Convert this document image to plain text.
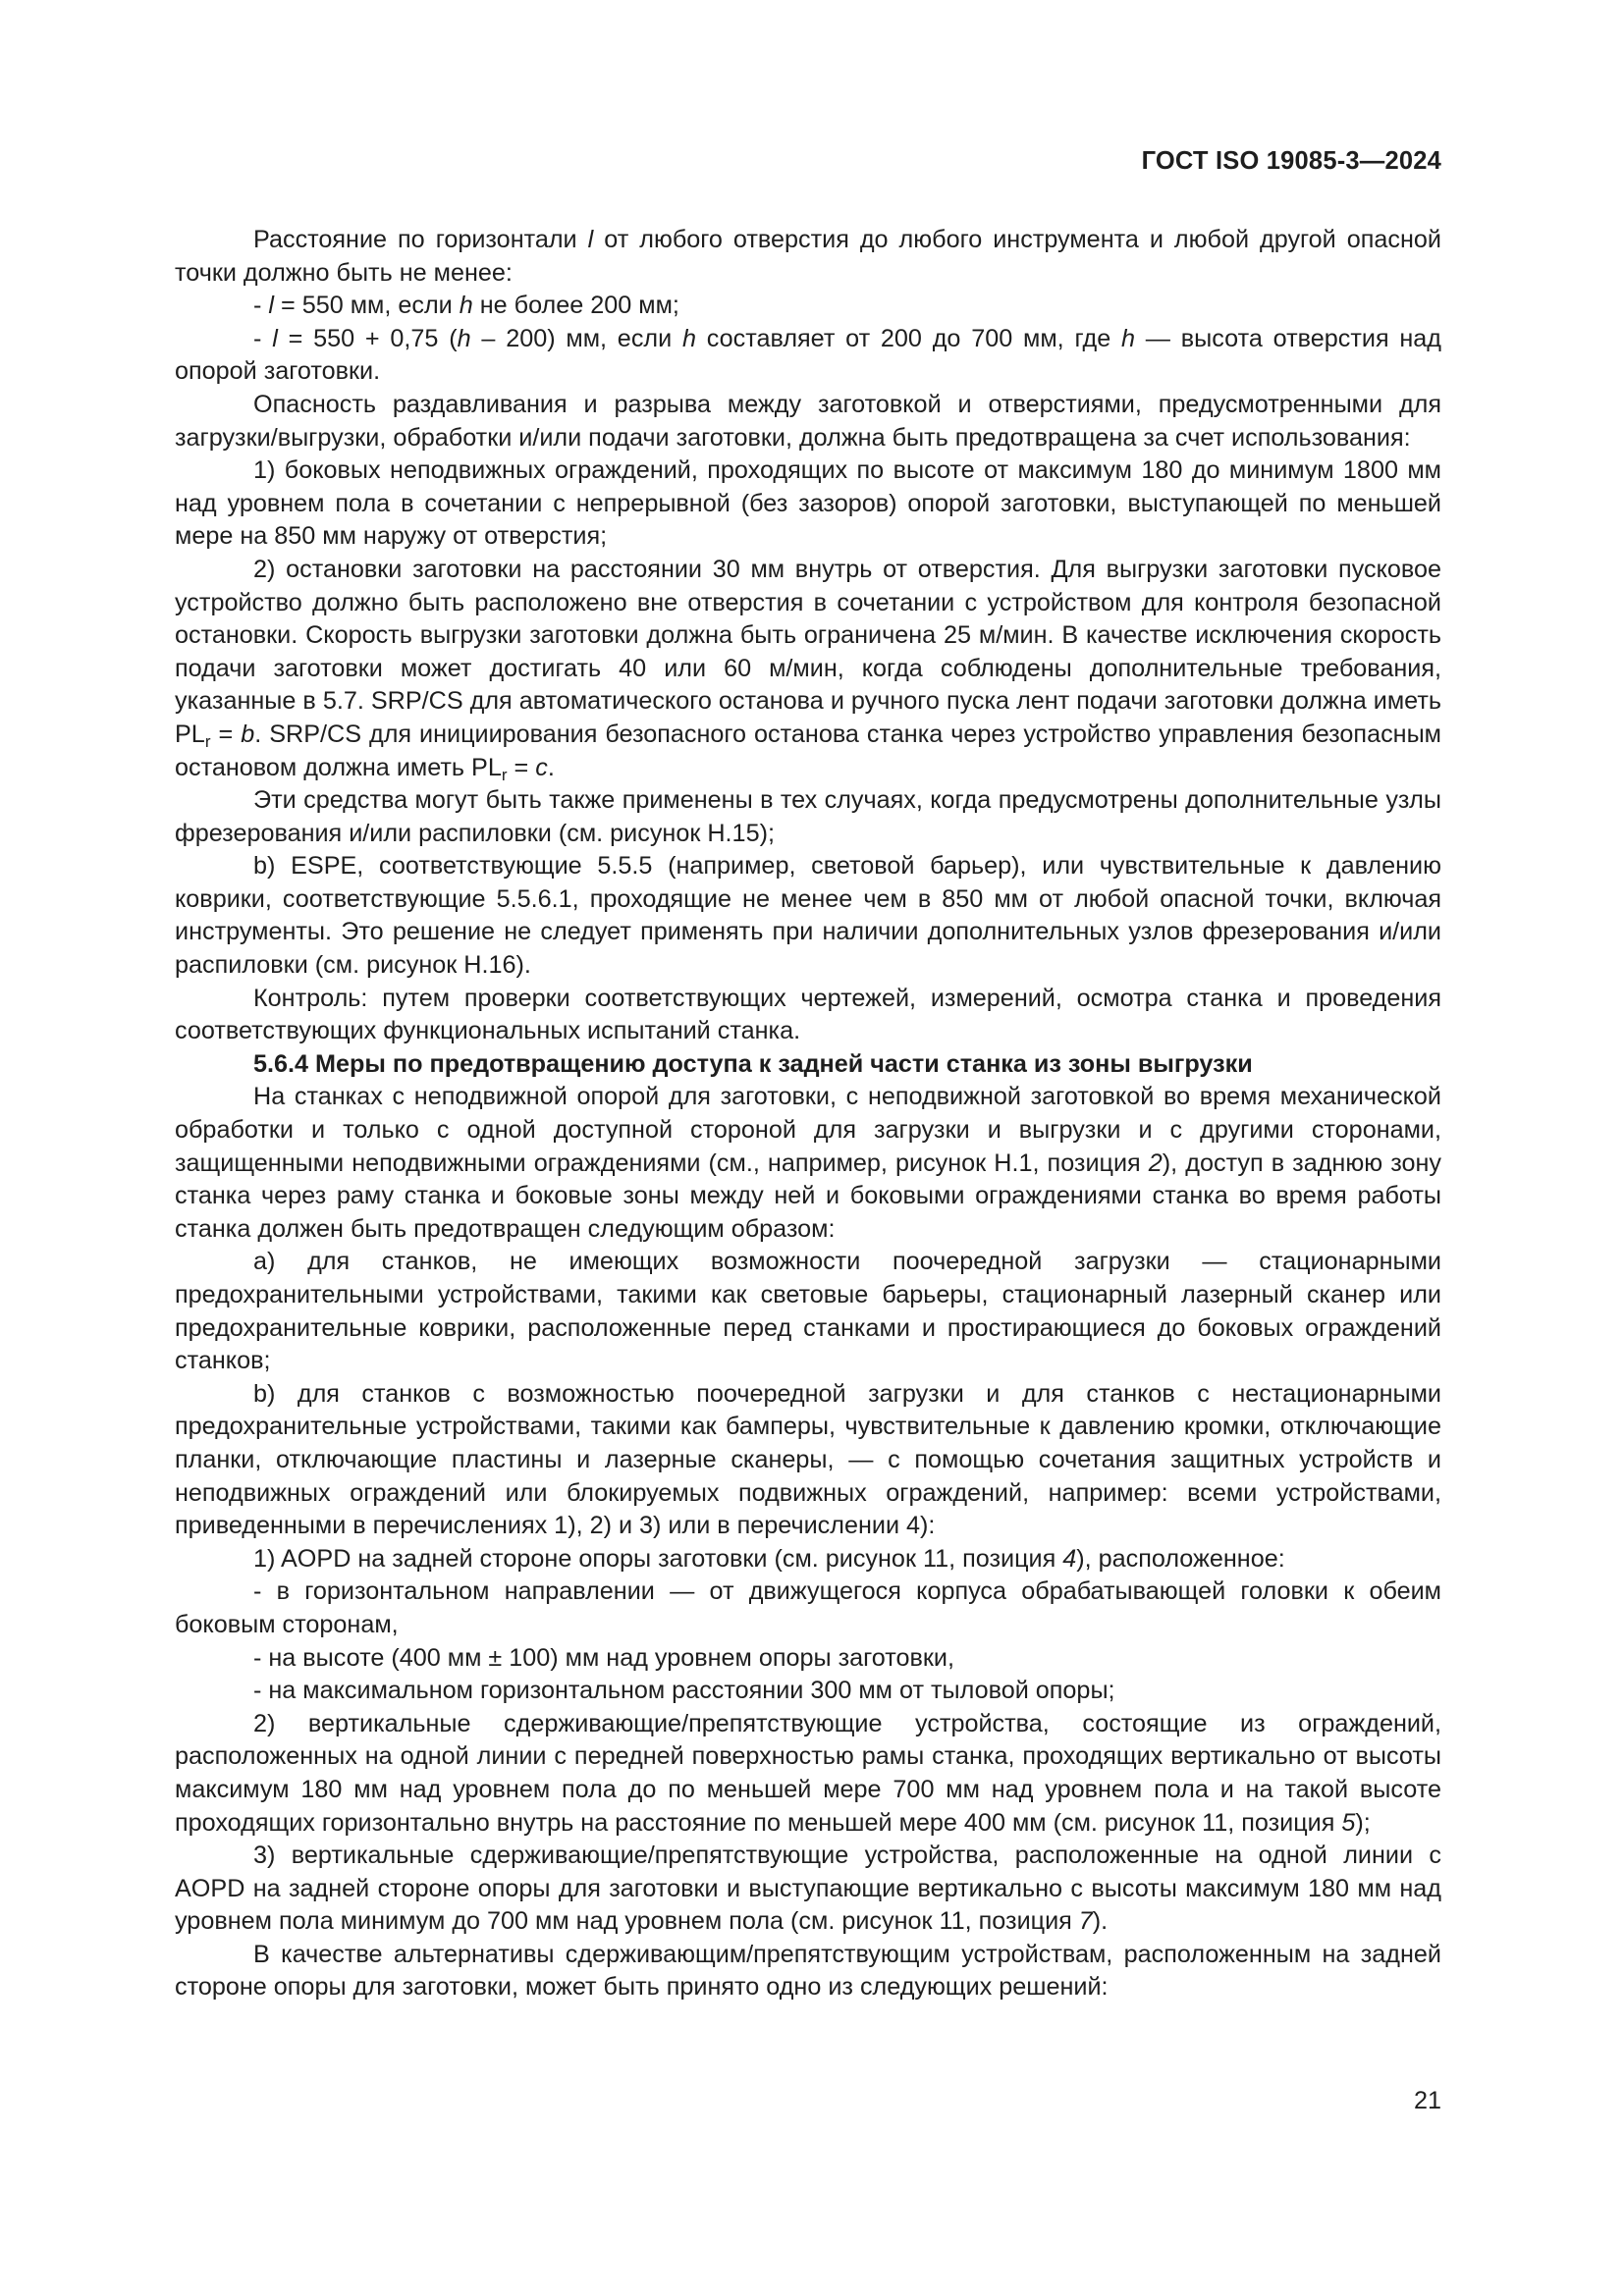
ГОСТ ISO 19085-3—2024

Расстояние по горизонтали l от любого отверстия до любого инструмента и любой другой опасной точки должно быть не менее:

- l = 550 мм, если h не более 200 мм;

- l = 550 + 0,75 (h – 200) мм, если h составляет от 200 до 700 мм, где h — высота отверстия над опорой заготовки.

Опасность раздавливания и разрыва между заготовкой и отверстиями, предусмотренными для загрузки/выгрузки, обработки и/или подачи заготовки, должна быть предотвращена за счет использования:

1) боковых неподвижных ограждений, проходящих по высоте от максимум 180 до минимум 1800 мм над уровнем пола в сочетании с непрерывной (без зазоров) опорой заготовки, выступающей по меньшей мере на 850 мм наружу от отверстия;

2) остановки заготовки на расстоянии 30 мм внутрь от отверстия. Для выгрузки заготовки пусковое устройство должно быть расположено вне отверстия в сочетании с устройством для контроля безопасной остановки. Скорость выгрузки заготовки должна быть ограничена 25 м/мин. В качестве исключения скорость подачи заготовки может достигать 40 или 60 м/мин, когда соблюдены дополнительные требования, указанные в 5.7. SRP/CS для автоматического останова и ручного пуска лент подачи заготовки должна иметь $PL_r = b$. SRP/CS для инициирования безопасного останова станка через устройство управления безопасным остановом должна иметь $PL_r = c$.

Эти средства могут быть также применены в тех случаях, когда предусмотрены дополнительные узлы фрезерования и/или распиловки (см. рисунок Н.15);

b) ESPE, соответствующие 5.5.5 (например, световой барьер), или чувствительные к давлению коврики, соответствующие 5.5.6.1, проходящие не менее чем в 850 мм от любой опасной точки, включая инструменты. Это решение не следует применять при наличии дополнительных узлов фрезерования и/или распиловки (см. рисунок Н.16).

Контроль: путем проверки соответствующих чертежей, измерений, осмотра станка и проведения соответствующих функциональных испытаний станка.

5.6.4 Меры по предотвращению доступа к задней части станка из зоны выгрузки

На станках с неподвижной опорой для заготовки, с неподвижной заготовкой во время механической обработки и только с одной доступной стороной для загрузки и выгрузки и с другими сторонами, защищенными неподвижными ограждениями (см., например, рисунок Н.1, позиция 2), доступ в заднюю зону станка через раму станка и боковые зоны между ней и боковыми ограждениями станка во время работы станка должен быть предотвращен следующим образом:

a) для станков, не имеющих возможности поочередной загрузки — стационарными предохранительными устройствами, такими как световые барьеры, стационарный лазерный сканер или предохранительные коврики, расположенные перед станками и простирающиеся до боковых ограждений станков;

b) для станков с возможностью поочередной загрузки и для станков с нестационарными предохранительные устройствами, такими как бамперы, чувствительные к давлению кромки, отключающие планки, отключающие пластины и лазерные сканеры, — с помощью сочетания защитных устройств и неподвижных ограждений или блокируемых подвижных ограждений, например: всеми устройствами, приведенными в перечислениях 1), 2) и 3) или в перечислении 4):

1) AOPD на задней стороне опоры заготовки (см. рисунок 11, позиция 4), расположенное:

- в горизонтальном направлении — от движущегося корпуса обрабатывающей головки к обеим боковым сторонам,

- на высоте (400 мм ± 100) мм над уровнем опоры заготовки,

- на максимальном горизонтальном расстоянии 300 мм от тыловой опоры;

2) вертикальные сдерживающие/препятствующие устройства, состоящие из ограждений, расположенных на одной линии с передней поверхностью рамы станка, проходящих вертикально от высоты максимум 180 мм над уровнем пола до по меньшей мере 700 мм над уровнем пола и на такой высоте проходящих горизонтально внутрь на расстояние по меньшей мере 400 мм (см. рисунок 11, позиция 5);

3) вертикальные сдерживающие/препятствующие устройства, расположенные на одной линии с AOPD на задней стороне опоры для заготовки и выступающие вертикально с высоты максимум 180 мм над уровнем пола минимум до 700 мм над уровнем пола (см. рисунок 11, позиция 7).

В качестве альтернативы сдерживающим/препятствующим устройствам, расположенным на задней стороне опоры для заготовки, может быть принято одно из следующих решений:

21
